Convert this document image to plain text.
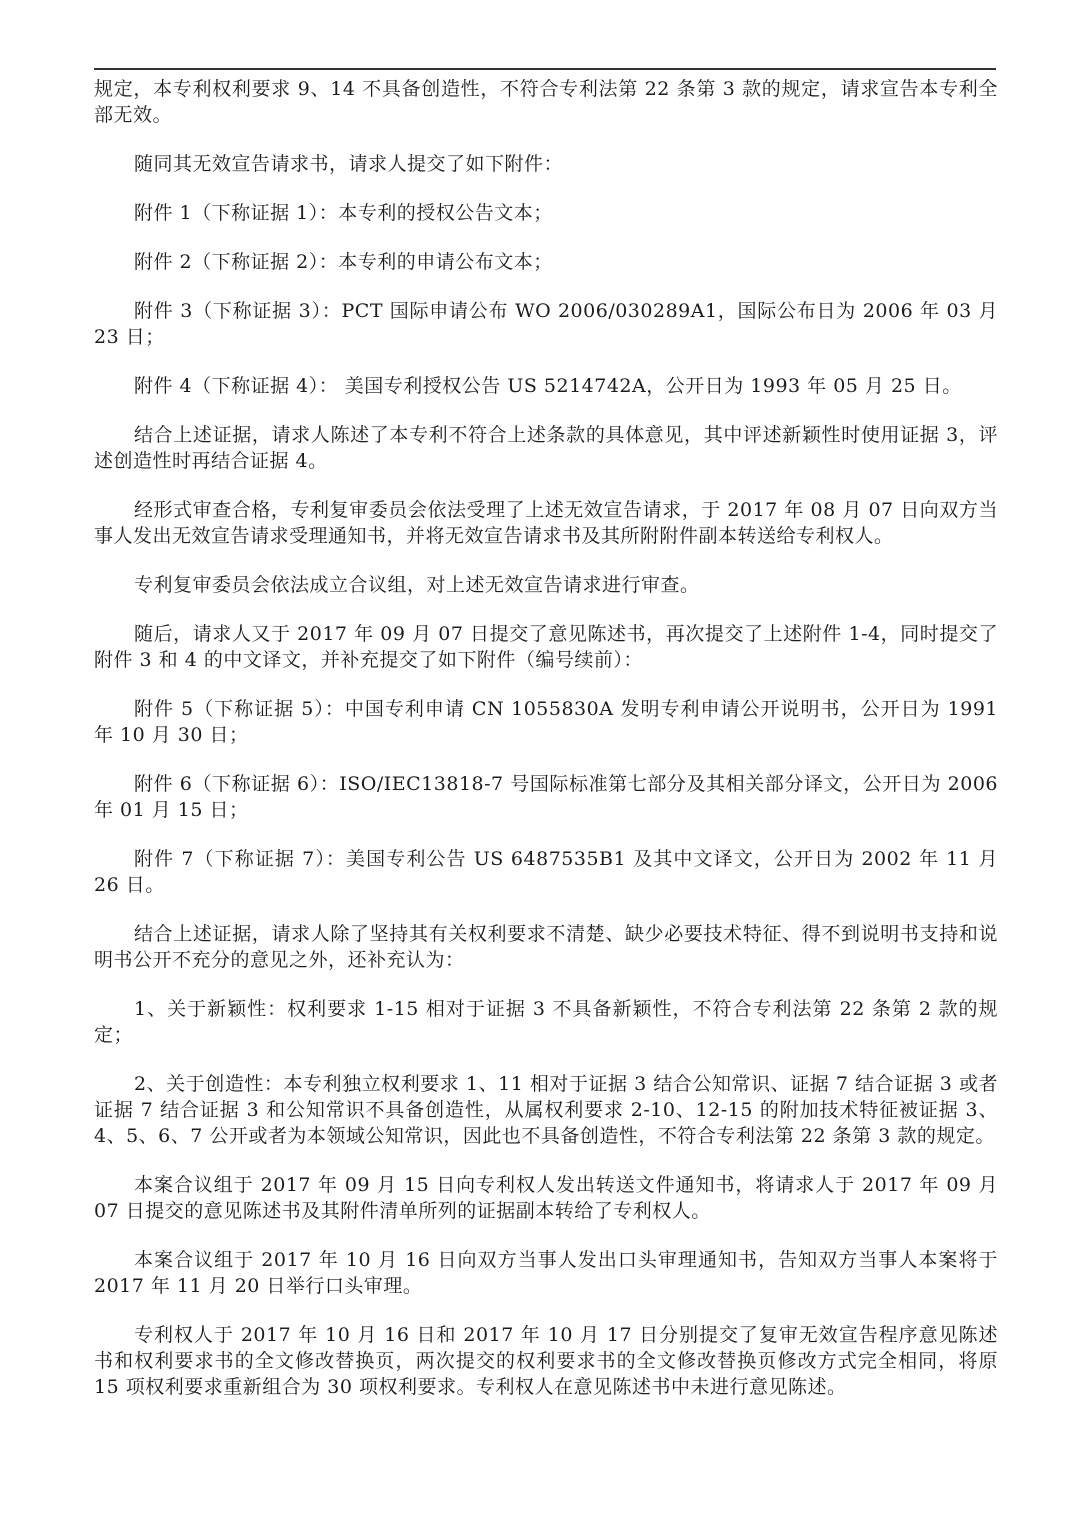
规定，本专利权利要求 9、14 不具备创造性，不符合专利法第 22 条第 3 款的规定，请求宣告本专利全部无效。

随同其无效宣告请求书，请求人提交了如下附件：

附件 1（下称证据 1）：本专利的授权公告文本；

附件 2（下称证据 2）：本专利的申请公布文本；

附件 3（下称证据 3）：PCT 国际申请公布 WO 2006/030289A1，国际公布日为 2006 年 03 月 23 日；

附件 4（下称证据 4）： 美国专利授权公告 US 5214742A，公开日为 1993 年 05 月 25 日。

结合上述证据，请求人陈述了本专利不符合上述条款的具体意见，其中评述新颖性时使用证据 3，评述创造性时再结合证据 4。

经形式审查合格，专利复审委员会依法受理了上述无效宣告请求，于 2017 年 08 月 07 日向双方当事人发出无效宣告请求受理通知书，并将无效宣告请求书及其所附附件副本转送给专利权人。

专利复审委员会依法成立合议组，对上述无效宣告请求进行审查。

随后，请求人又于 2017 年 09 月 07 日提交了意见陈述书，再次提交了上述附件 1-4，同时提交了附件 3 和 4 的中文译文，并补充提交了如下附件（编号续前）：

附件 5（下称证据 5）：中国专利申请 CN 1055830A 发明专利申请公开说明书，公开日为 1991 年 10 月 30 日；

附件 6（下称证据 6）：ISO/IEC13818-7 号国际标准第七部分及其相关部分译文，公开日为 2006 年 01 月 15 日；

附件 7（下称证据 7）：美国专利公告 US 6487535B1 及其中文译文，公开日为 2002 年 11 月 26 日。

结合上述证据，请求人除了坚持其有关权利要求不清楚、缺少必要技术特征、得不到说明书支持和说明书公开不充分的意见之外，还补充认为：

1、关于新颖性：权利要求 1-15 相对于证据 3 不具备新颖性，不符合专利法第 22 条第 2 款的规定；

2、关于创造性：本专利独立权利要求 1、11 相对于证据 3 结合公知常识、证据 7 结合证据 3 或者证据 7 结合证据 3 和公知常识不具备创造性，从属权利要求 2-10、12-15 的附加技术特征被证据 3、4、5、6、7 公开或者为本领域公知常识，因此也不具备创造性，不符合专利法第 22 条第 3 款的规定。

本案合议组于 2017 年 09 月 15 日向专利权人发出转送文件通知书，将请求人于 2017 年 09 月 07 日提交的意见陈述书及其附件清单所列的证据副本转给了专利权人。

本案合议组于 2017 年 10 月 16 日向双方当事人发出口头审理通知书，告知双方当事人本案将于 2017 年 11 月 20 日举行口头审理。

专利权人于 2017 年 10 月 16 日和 2017 年 10 月 17 日分别提交了复审无效宣告程序意见陈述书和权利要求书的全文修改替换页，两次提交的权利要求书的全文修改替换页修改方式完全相同，将原 15 项权利要求重新组合为 30 项权利要求。专利权人在意见陈述书中未进行意见陈述。
